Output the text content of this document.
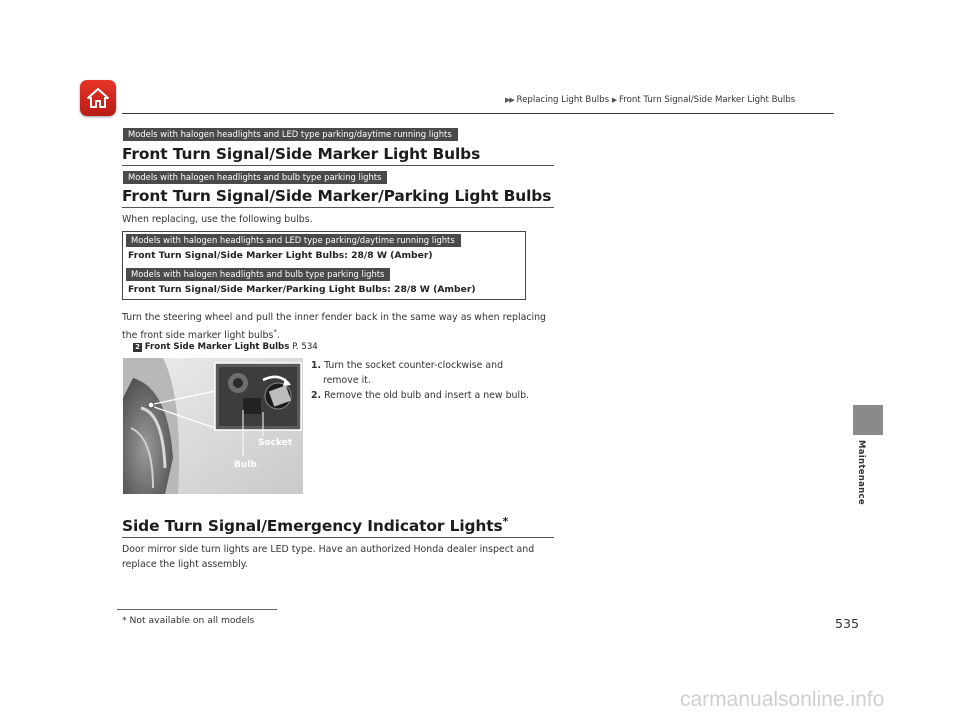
▶▶ Replacing Light Bulbs ▶ Front Turn Signal/Side Marker Light Bulbs
Maintenance
Models with halogen headlights and LED type parking/daytime running lights
Front Turn Signal/Side Marker Light Bulbs
Models with halogen headlights and bulb type parking lights
Front Turn Signal/Side Marker/Parking Light Bulbs
When replacing, use the following bulbs.
Models with halogen headlights and LED type parking/daytime running lights
Front Turn Signal/Side Marker Light Bulbs: 28/8 W (Amber)
Models with halogen headlights and bulb type parking lights
Front Turn Signal/Side Marker/Parking Light Bulbs: 28/8 W (Amber)
Turn the steering wheel and pull the inner fender back in the same way as when replacing the front side marker light bulbs*.
2 Front Side Marker Light Bulbs P. 534
Socket
Bulb
1. Turn the socket counter-clockwise and
remove it.
2. Remove the old bulb and insert a new bulb.
Side Turn Signal/Emergency Indicator Lights*
Door mirror side turn lights are LED type. Have an authorized Honda dealer inspect and replace the light assembly.
* Not available on all models	535
carmanualsonline.info
